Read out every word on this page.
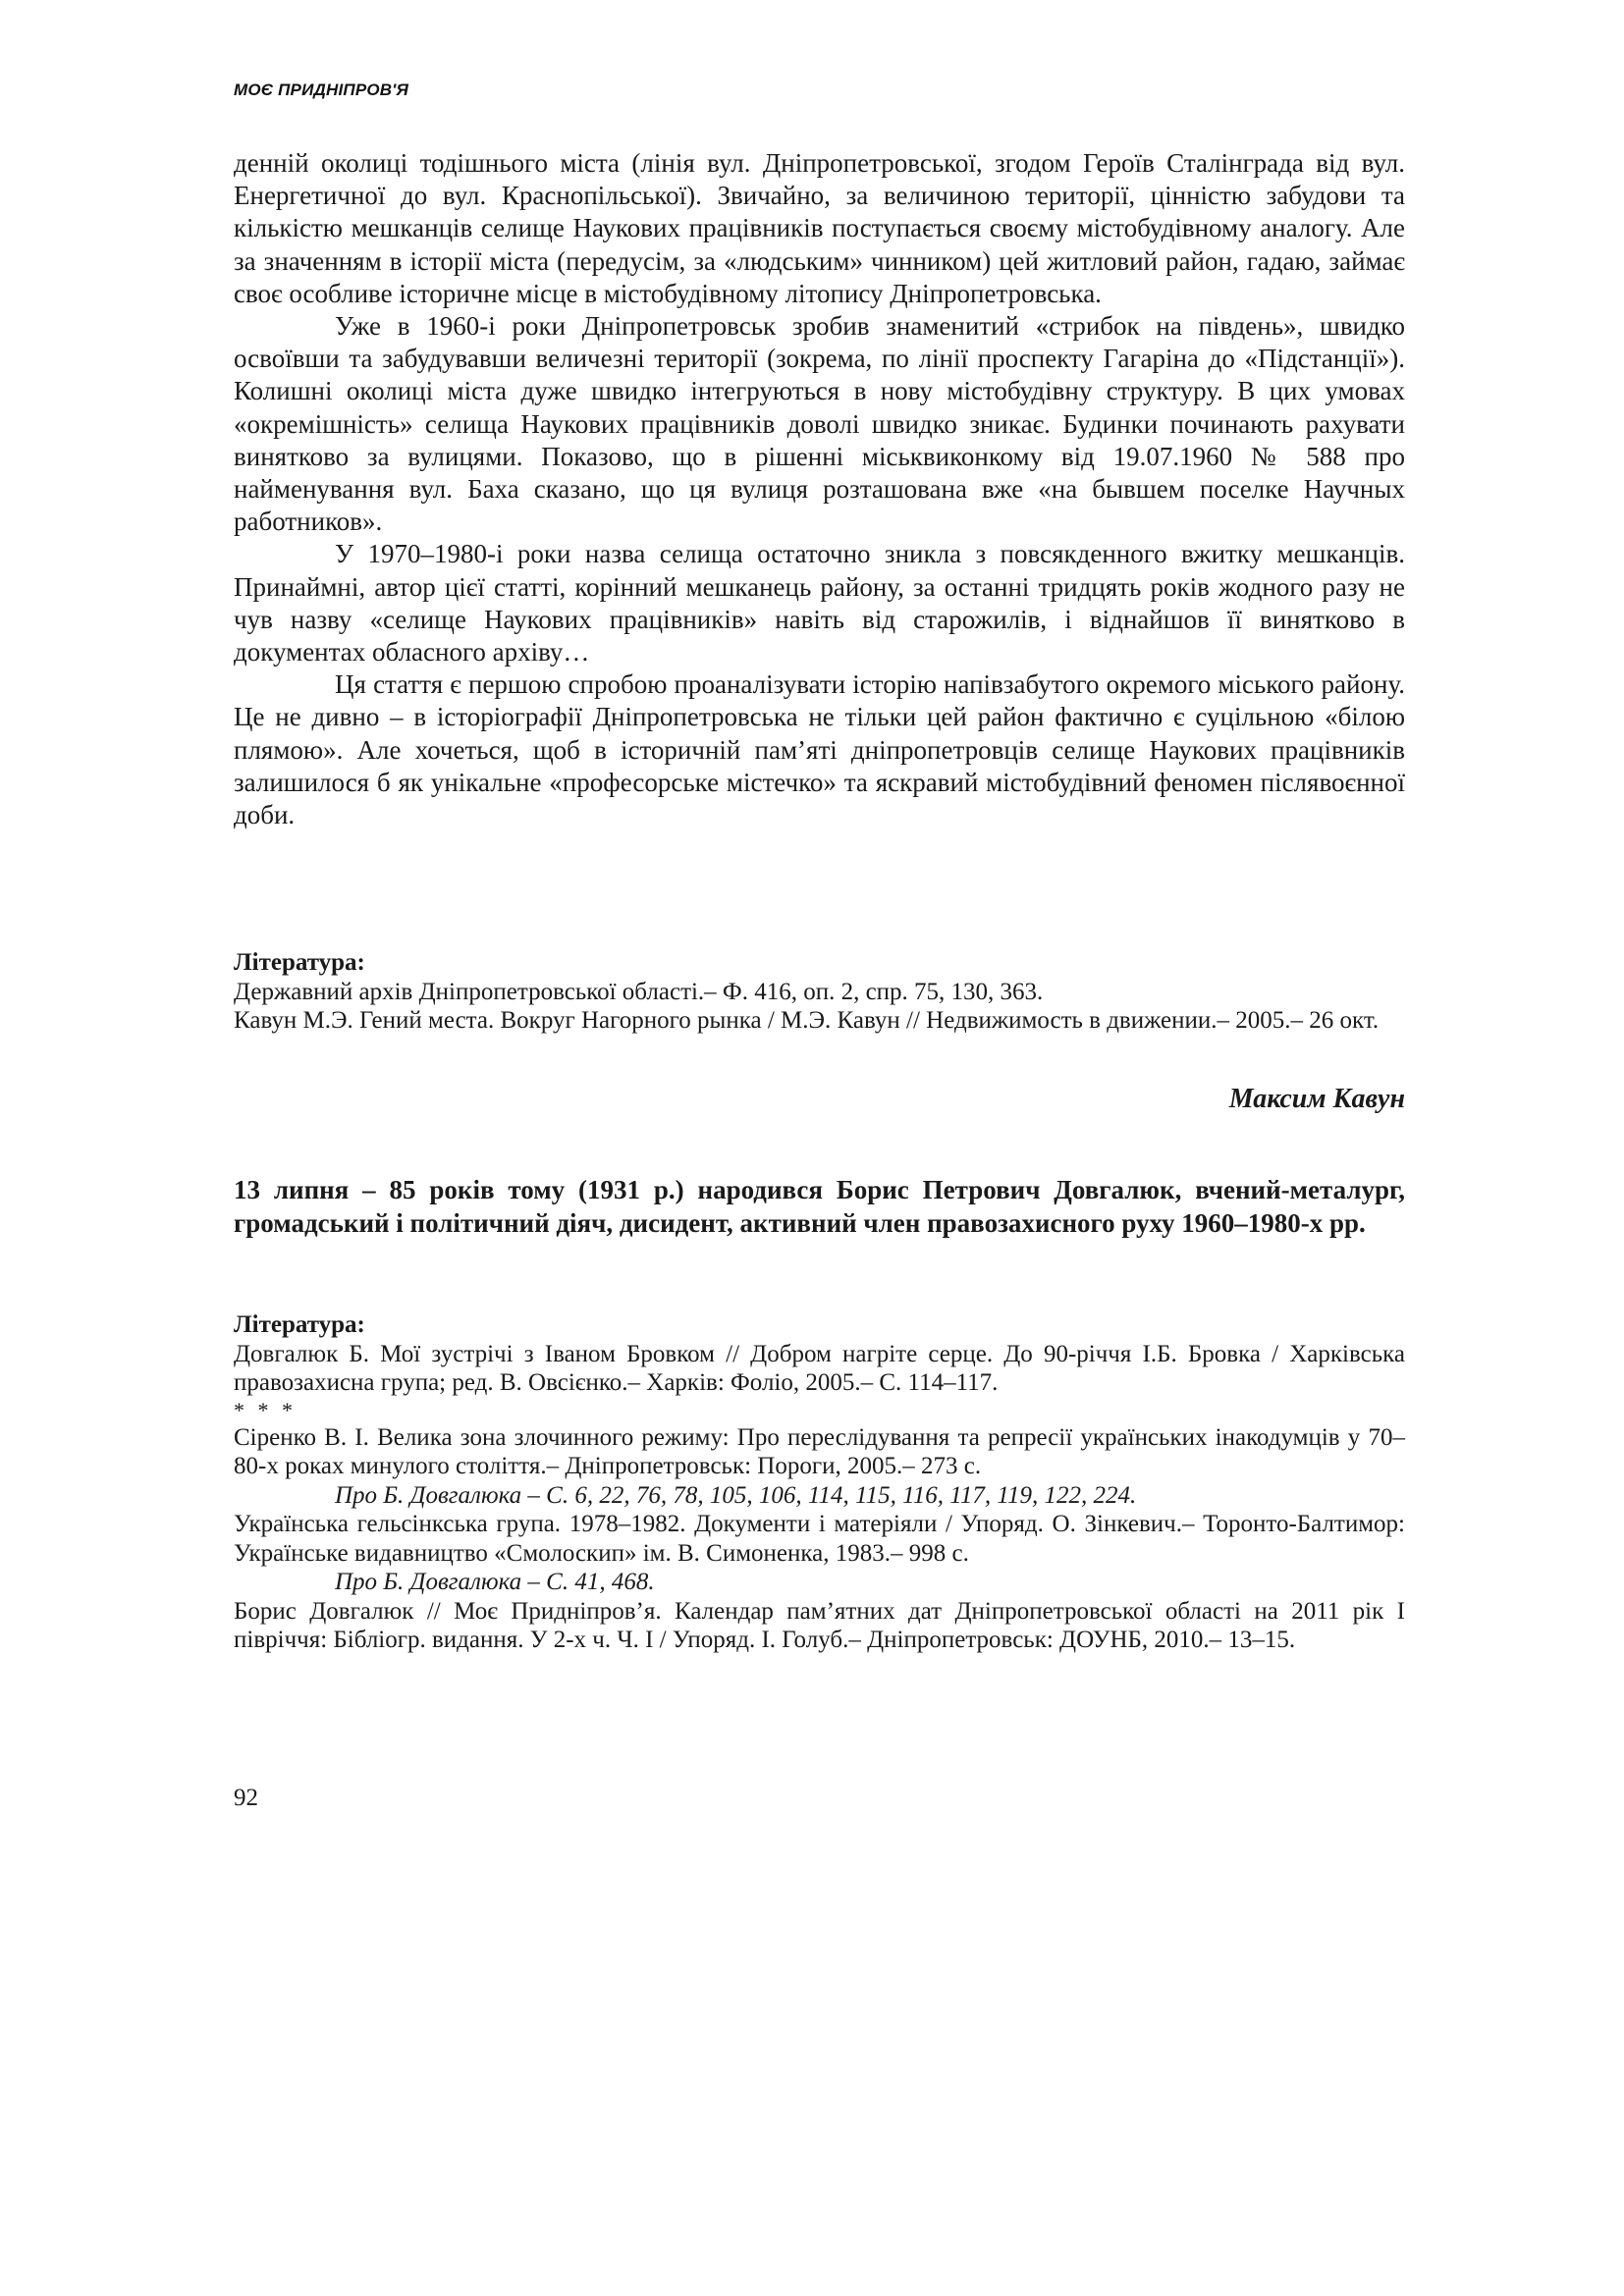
МОЄ ПРИДНІПРОВ'Я

денній околиці тодішнього міста (лінія вул. Дніпропетровської, згодом Героїв Сталінграда від вул. Енергетичної до вул. Краснопільської). Звичайно, за величиною території, цінністю забудови та кількістю мешканців селище Наукових працівників поступається своєму містобудівному аналогу. Але за значенням в історії міста (передусім, за «людським» чинником) цей житловий район, гадаю, займає своє особливе історичне місце в містобудівному літопису Дніпропетровська.

Уже в 1960-і роки Дніпропетровськ зробив знаменитий «стрибок на південь», швидко освоївши та забудувавши величезні території (зокрема, по лінії проспекту Гагаріна до «Підстанції»). Колишні околиці міста дуже швидко інтегруються в нову містобудівну структуру. В цих умовах «окремішність» селища Наукових працівників доволі швидко зникає. Будинки починають рахувати винятково за вулицями. Показово, що в рішенні міськвиконкому від 19.07.1960 № 588 про найменування вул. Баха сказано, що ця вулиця розташована вже «на бывшем поселке Научных работников».

У 1970–1980-і роки назва селища остаточно зникла з повсякденного вжитку мешканців. Принаймні, автор цієї статті, корінний мешканець району, за останні тридцять років жодного разу не чув назву «селище Наукових працівників» навіть від старожилів, і віднайшов її винятково в документах обласного архіву…

Ця стаття є першою спробою проаналізувати історію напівзабутого окремого міського району. Це не дивно – в історіографії Дніпропетровська не тільки цей район фактично є суцільною «білою плямою». Але хочеться, щоб в історичній пам’яті дніпропетровців селище Наукових працівників залишилося б як унікальне «професорське містечко» та яскравий містобудівний феномен післявоєнної доби.

Література:

Державний архів Дніпропетровської області.– Ф. 416, оп. 2, спр. 75, 130, 363.

Кавун М.Э. Гений места. Вокруг Нагорного рынка / М.Э. Кавун // Недвижимость в движении.– 2005.– 26 окт.

Максим Кавун

13 липня – 85 років тому (1931 р.) народився Борис Петрович Довгалюк, вчений-металург, громадський і політичний діяч, дисидент, активний член правозахисного руху 1960–1980-х рр.

Література:

Довгалюк Б. Мої зустрічі з Іваном Бровком // Добром нагріте серце. До 90-річчя І.Б. Бровка / Харківська правозахисна група; ред. В. Овсієнко.– Харків: Фоліо, 2005.– С. 114–117.

* * *

Сіренко В. І. Велика зона злочинного режиму: Про переслідування та репресії українських інакодумців у 70–80-х роках минулого століття.– Дніпропетровськ: Пороги, 2005.– 273 с.

Про Б. Довгалюка – С. 6, 22, 76, 78, 105, 106, 114, 115, 116, 117, 119, 122, 224.

Українська гельсінкська група. 1978–1982. Документи і матеріяли / Упоряд. О. Зінкевич.– Торонто-Балтимор: Українське видавництво «Смолоскип» ім. В. Симоненка, 1983.– 998 с.

Про Б. Довгалюка – С. 41, 468.

Борис Довгалюк // Моє Придніпров’я. Календар пам’ятних дат Дніпропетровської області на 2011 рік І півріччя: Бібліогр. видання. У 2-х ч. Ч. І / Упоряд. І. Голуб.– Дніпропетровськ: ДОУНБ, 2010.– 13–15.

92
